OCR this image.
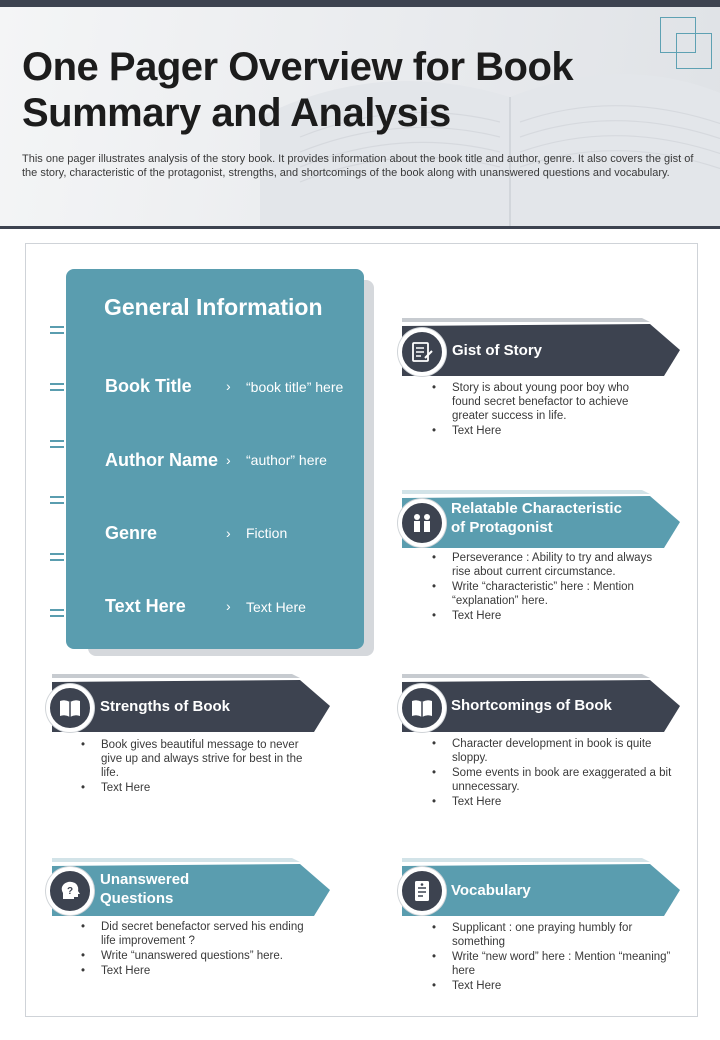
One Pager Overview for Book Summary and Analysis

This one pager illustrates analysis of the story book. It provides information about the book title and author, genre. It also covers the gist of the story, characteristic of the protagonist, strengths, and shortcomings of the book along with unanswered questions and vocabulary.

General Information
Book Title › “book title” here
Author Name › “author” here
Genre	› Fiction
Text Here	› Text Here
Gist of Story
• Story is about young poor boy who found secret benefactor to achieve greater success in life.
• Text Here
Relatable Characteristic
of Protagonist
• Perseverance : Ability to try and always rise about current circumstance.
• Write “characteristic” here : Mention “explanation” here.
• Text Here
Strengths of Book
• Book gives beautiful message to never give up and always strive for best in the life.
• Text Here
Shortcomings of Book
• Character development in book is quite sloppy.
• Some events in book are exaggerated a bit unnecessary.
• Text Here
?
Unanswered
Questions
• Did secret benefactor served his ending life improvement ?
• Write “unanswered questions” here.
• Text Here
Vocabulary
• Supplicant : one praying humbly for something
• Write “new word” here : Mention “meaning” here
• Text Here
